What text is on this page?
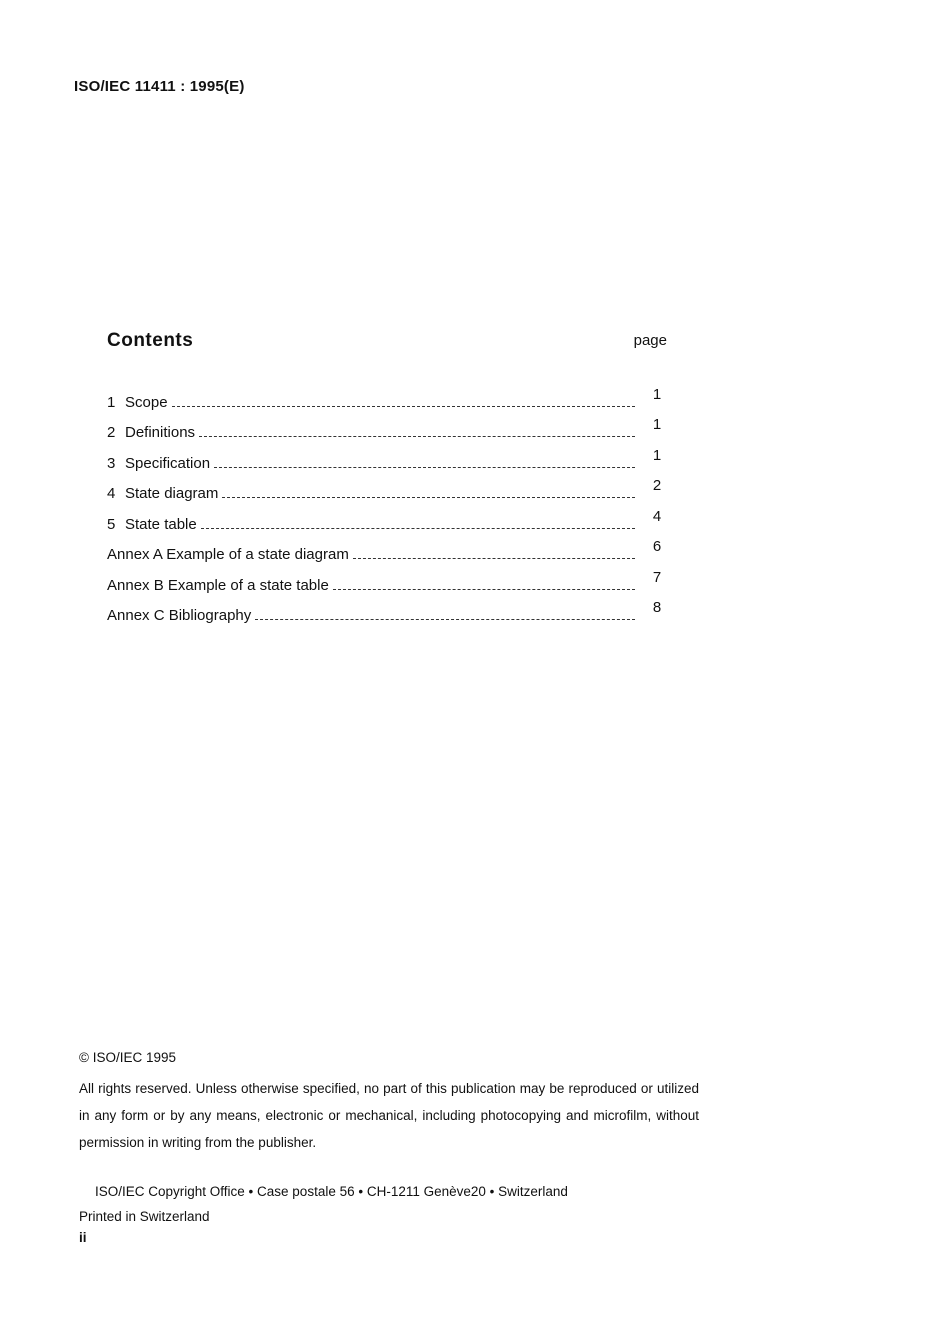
ISO/IEC 11411 : 1995(E)
Contents	page
1 Scope	1
2 Definitions	1
3 Specification	1
4 State diagram	2
5 State table	4
Annex A Example of a state diagram	6
Annex B Example of a state table	7
Annex C Bibliography	8
© ISO/IEC 1995
All rights reserved. Unless otherwise specified, no part of this publication may be reproduced or utilized in any form or by any means, electronic or mechanical, including photocopying and microfilm, without permission in writing from the publisher.
ISO/IEC Copyright Office • Case postale 56 • CH-1211 Genève20 • Switzerland
Printed in Switzerland
ii
